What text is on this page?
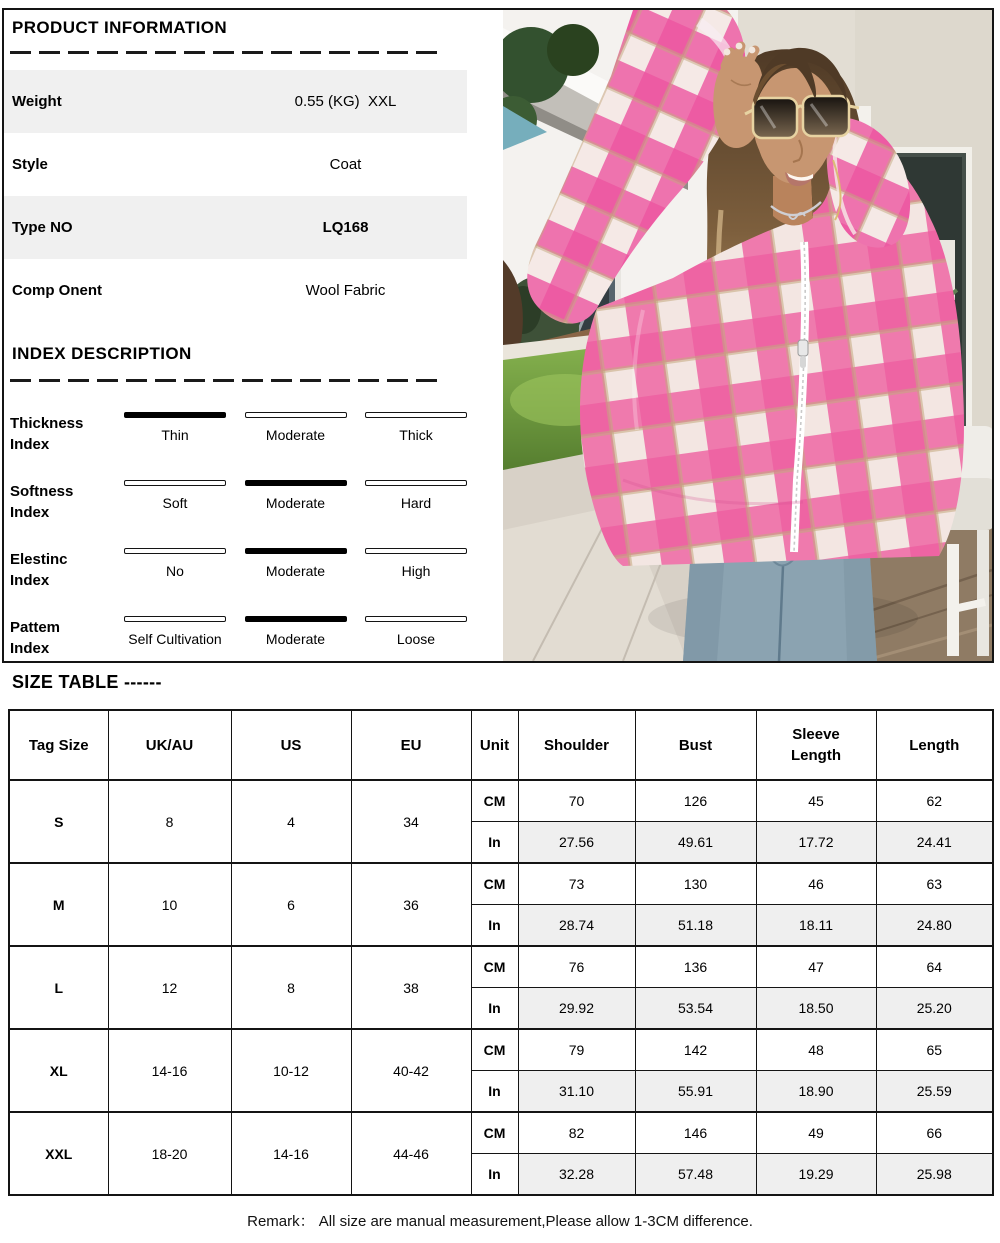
PRODUCT INFORMATION
Weight	0.55 (KG)  XXL
Style	Coat
Type NO	LQ168
Comp Onent	Wool Fabric
INDEX DESCRIPTION
Thickness
Index
Thin	Moderate	Thick
Softness
Index
Soft	Moderate	Hard
Elestinc
Index
No	Moderate	High
Pattem
Index
Self Cultivation	Moderate	Loose
SIZE TABLE ------
Tag Size	UK/AU	US	EU	Unit	Shoulder	Bust	Sleeve Length	Length
S	8	4	34	CM	70	126	45	62
				In	27.56	49.61	17.72	24.41
M	10	6	36	CM	73	130	46	63
				In	28.74	51.18	18.11	24.80
L	12	8	38	CM	76	136	47	64
				In	29.92	53.54	18.50	25.20
XL	14-16	10-12	40-42	CM	79	142	48	65
				In	31.10	55.91	18.90	25.59
XXL	18-20	14-16	44-46	CM	82	146	49	66
				In	32.28	57.48	19.29	25.98
Remark： All size are manual measurement,Please allow 1-3CM difference.
